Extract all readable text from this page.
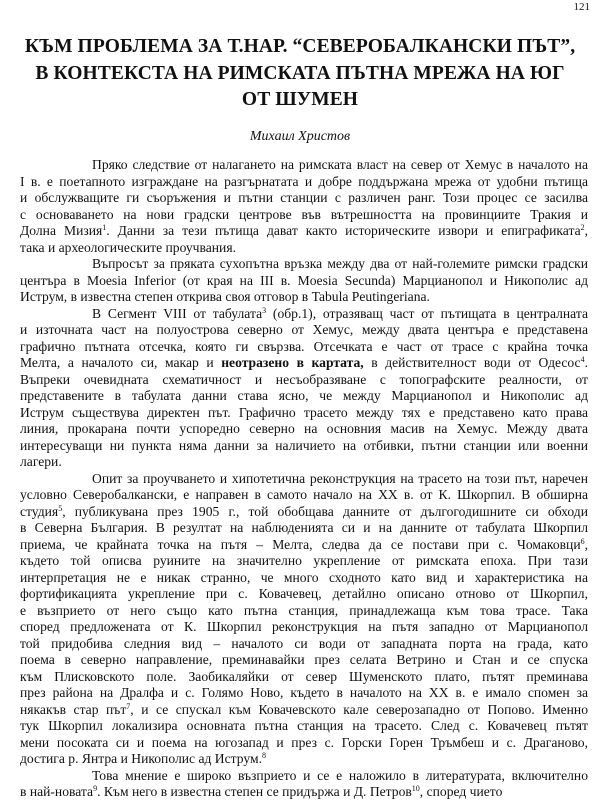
121
КЪМ ПРОБЛЕМА ЗА Т.НАР. “СЕВЕРОБАЛКАНСКИ ПЪТ”,
В КОНТЕКСТА НА РИМСКАТА ПЪТНА МРЕЖА НА ЮГ
ОТ ШУМЕН
Михаил Христов
Пряко следствие от налагането на римската власт на север от Хемус в началото на
I в. е поетапното изграждане на разгърнатата и добре поддържана мрежа от удобни пътища
и обслужващите ги съоръжения и пътни станции с различен ранг. Този процес се засилва
с основаването на нови градски центрове във вътрешността на провинциите Тракия и
Долна Мизия$^1$. Данни за тези пътища дават както историческите извори и епиграфиката$^2$,
така и археологическите проучвания.
Въпросът за пряката сухопътна връзка между два от най-големите римски градски
центъра в Moesia Inferior (от края на III в. Moesia Secunda) Марцианопол и Никополис ад
Иструм, в известна степен открива своя отговор в Tabula Peutingeriana.
В Сегмент VIII от табулата$^3$ (обр.1), отразяващ част от пътищата в централната
и източната част на полуострова северно от Хемус, между двата центъра е представена
графично пътната отсечка, която ги свързва. Отсечката е част от трасе с крайна точка
Мелта, а началото си, макар и неотразено в картата, в действителност води от Одесос$^4$.
Въпреки очевидната схематичност и несъобразяване с топографските реалности, от
представените в табулата данни става ясно, че между Марцианопол и Никополис ад
Иструм съществува директен път. Графично трасето между тях е представено като права
линия, прокарана почти успоредно северно на основния масив на Хемус. Между двата
интересуващи ни пункта няма данни за наличието на отбивки, пътни станции или военни
лагери.
Опит за проучването и хипотетична реконструкция на трасето на този път, наречен
условно Северобалкански, е направен в самото начало на XX в. от К. Шкорпил. В обширна
студия$^5$, публикувана през 1905 г., той обобщава данните от дългогодишните си обходи
в Северна България. В резултат на наблюденията си и на данните от табулата Шкорпил
приема, че крайната точка на пътя – Мелта, следва да се постави при с. Чомаковци$^6$,
където той описва руините на значително укрепление от римската епоха. При тази
интерпретация не е никак странно, че много сходното като вид и характеристика на
фортификацията укрепление при с. Ковачевец, детайлно описано отново от Шкорпил,
е възприето от него също като пътна станция, принадлежаща към това трасе. Така
според предложената от К. Шкорпил реконструкция на пътя западно от Марцианопол
той придобива следния вид – началото си води от западната порта на града, като
поема в северно направление, преминавайки през селата Ветрино и Стан и се спуска
към Плисковското поле. Заобикаляйки от север Шуменското плато, пътят преминава
през района на Дралфа и с. Голямо Ново, където в началото на XX в. е имало спомен за
някакъв стар път$^7$, и се спускал към Ковачевското кале северозападно от Попово. Именно
тук Шкорпил локализира основната пътна станция на трасето. След с. Ковачевец пътят
мени посоката си и поема на югозапад и през с. Горски Горен Тръмбеш и с. Драганово,
достига р. Янтра и Никополис ад Иструм.$^8$
Това мнение е широко възприето и се е наложило в литературата, включително
в най-новата$^9$. Към него в известна степен се придържа и Д. Петров$^{10}$, според чието
